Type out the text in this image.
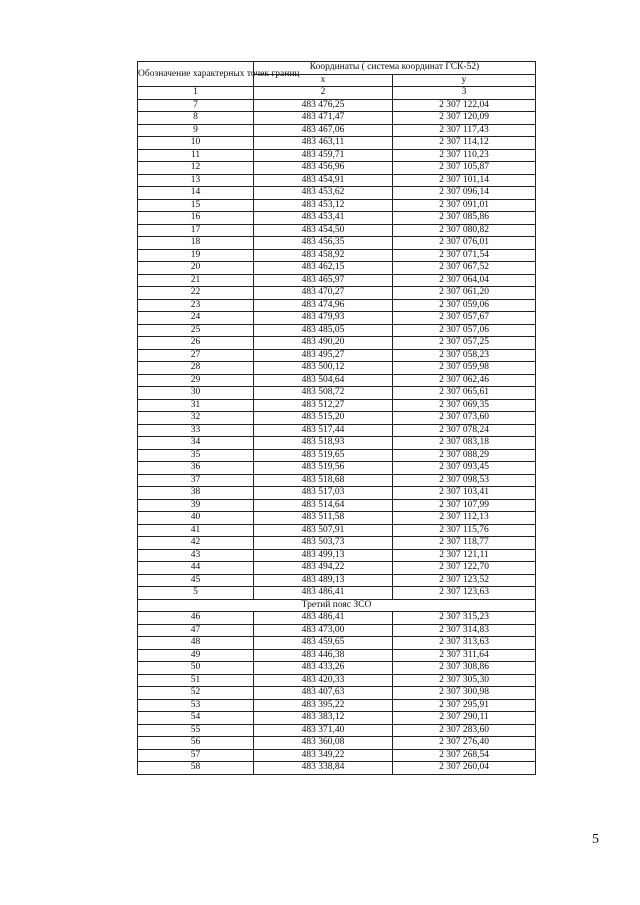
Обозначение характерных точек границ	Координаты ( система координат ГСК-52)	
	х	у
1	2	3
7	483 476,25	2 307 122,04
8	483 471,47	2 307 120,09
9	483 467,06	2 307 117,43
10	483 463,11	2 307 114,12
11	483 459,71	2 307 110,23
12	483 456,96	2 307 105,87
13	483 454,91	2 307 101,14
14	483 453,62	2 307 096,14
15	483 453,12	2 307 091,01
16	483 453,41	2 307 085,86
17	483 454,50	2 307 080,82
18	483 456,35	2 307 076,01
19	483 458,92	2 307 071,54
20	483 462,15	2 307 067,52
21	483 465,97	2 307 064,04
22	483 470,27	2 307 061,20
23	483 474,96	2 307 059,06
24	483 479,93	2 307 057,67
25	483 485,05	2 307 057,06
26	483 490,20	2 307 057,25
27	483 495,27	2 307 058,23
28	483 500,12	2 307 059,98
29	483 504,64	2 307 062,46
30	483 508,72	2 307 065,61
31	483 512,27	2 307 069,35
32	483 515,20	2 307 073,60
33	483 517,44	2 307 078,24
34	483 518,93	2 307 083,18
35	483 519,65	2 307 088,29
36	483 519,56	2 307 093,45
37	483 518,68	2 307 098,53
38	483 517,03	2 307 103,41
39	483 514,64	2 307 107,99
40	483 511,58	2 307 112,13
41	483 507,91	2 307 115,76
42	483 503,73	2 307 118,77
43	483 499,13	2 307 121,11
44	483 494,22	2 307 122,70
45	483 489,13	2 307 123,52
5	483 486,41	2 307 123,63
Третий пояс ЗСО		
46	483 486,41	2 307 315,23
47	483 473,00	2 307 314,83
48	483 459,65	2 307 313,63
49	483 446,38	2 307 311,64
50	483 433,26	2 307 308,86
51	483 420,33	2 307 305,30
52	483 407,63	2 307 300,98
53	483 395,22	2 307 295,91
54	483 383,12	2 307 290,11
55	483 371,40	2 307 283,60
56	483 360,08	2 307 276,40
57	483 349,22	2 307 268,54
58	483 338,84	2 307 260,04
5
